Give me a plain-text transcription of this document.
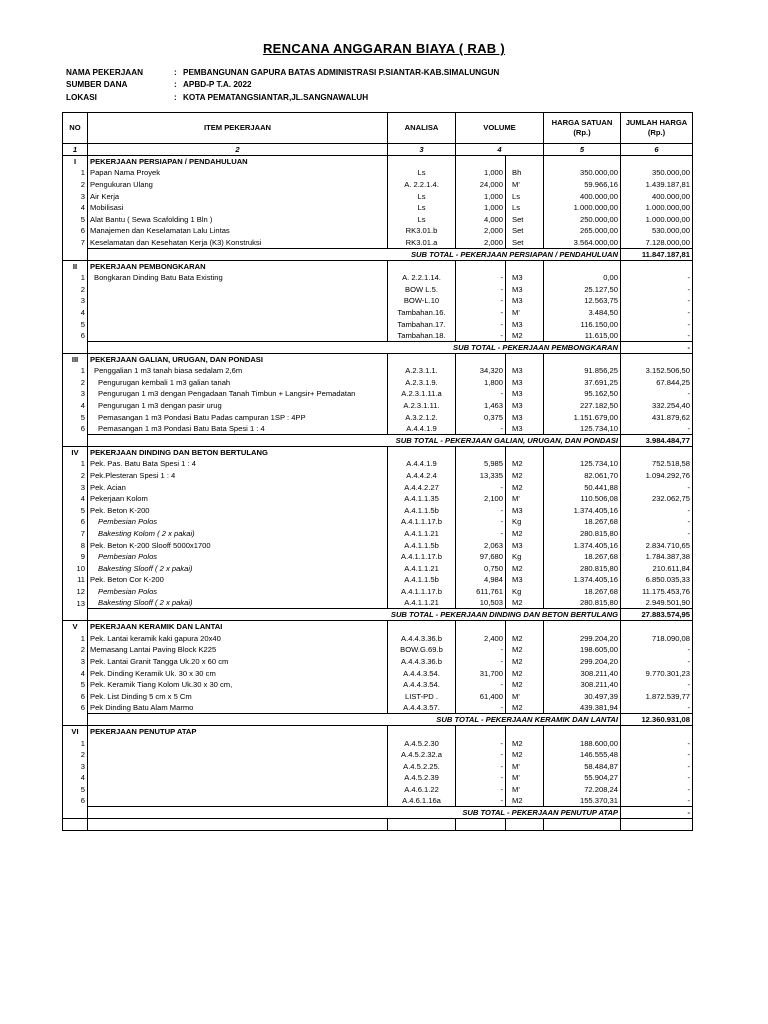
RENCANA ANGGARAN BIAYA ( RAB )
NAMA PEKERJAAN	: PEMBANGUNAN GAPURA BATAS ADMINISTRASI P.SIANTAR-KAB.SIMALUNGUN
SUMBER DANA	: APBD-P T.A. 2022
LOKASI	: KOTA PEMATANGSIANTAR,JL.SANGNAWALUH
NO	ITEM PEKERJAAN	ANALISA	VOLUME		HARGA SATUAN (Rp.)	JUMLAH HARGA (Rp.)
1	2	3	4		5	6
I	PEKERJAAN PERSIAPAN / PENDAHULUAN					
1	Papan Nama Proyek	Ls	1,000	Bh	350.000,00	350.000,00
2	Pengukuran Ulang	A. 2.2.1.4.	24,000	M'	59.966,16	1.439.187,81
3	Air Kerja	Ls	1,000	Ls	400.000,00	400.000,00
4	Mobilisasi	Ls	1,000	Ls	1.000.000,00	1.000.000,00
5	Alat Bantu ( Sewa Scafolding 1 Bln )	Ls	4,000	Set	250.000,00	1.000.000,00
6	Manajemen dan Keselamatan Lalu Lintas	RK3.01.b	2,000	Set	265.000,00	530.000,00
7	Keselamatan dan Kesehatan Kerja (K3) Konstruksi	RK3.01.a	2,000	Set	3.564.000,00	7.128.000,00
	SUB TOTAL - PEKERJAAN PERSIAPAN / PENDAHULUAN					11.847.187,81
II	PEKERJAAN PEMBONGKARAN					
1	Bongkaran Dinding Batu Bata Existing	A. 2.2.1.14.	-	M3	0,00	-
2		BOW L.5.	-	M3	25.127,50	-
3		BOW-L.10	-	M3	12.563,75	-
4		Tambahan.16.	-	M'	3.484,50	-
5		Tambahan.17.	-	M3	116.150,00	-
6		Tambahan.18.	-	M2	11.615,00	-
	SUB TOTAL - PEKERJAAN PEMBONGKARAN					-
III	PEKERJAAN GALIAN, URUGAN, DAN PONDASI					
1	Penggalian 1 m3 tanah biasa sedalam 2,6m	A.2.3.1.1.	34,320	M3	91.856,25	3.152.506,50
2	Pengurugan kembali 1 m3 galian tanah	A.2.3.1.9.	1,800	M3	37.691,25	67.844,25
3	Pengurugan 1 m3 dengan Pengadaan Tanah Timbun + Langsir+ Pemadatan	A.2.3.1.11.a	-	M3	95.162,50	-
4	Pengurugan 1 m3 dengan pasir urug	A.2.3.1.11.	1,463	M3	227.182,50	332.254,40
5	Pemasangan 1 m3 Pondasi Batu Padas campuran 1SP : 4PP	A.3.2.1.2.	0,375	M3	1.151.679,00	431.879,62
6	Pemasangan 1 m3 Pondasi Batu Bata Spesi 1 : 4	A.4.4.1.9	-	M3	125.734,10	-
	SUB TOTAL - PEKERJAAN GALIAN, URUGAN, DAN PONDASI					3.984.484,77
IV	PEKERJAAN DINDING DAN BETON BERTULANG					
1	Pek. Pas. Batu Bata Spesi 1 : 4	A.4.4.1.9	5,985	M2	125.734,10	752.518,58
2	Pek.Plesteran Spesi 1 : 4	A.4.4.2.4	13,335	M2	82.061,70	1.094.292,76
3	Pek. Acian	A.4.4.2.27	-	M2	50.441,88	-
4	Pekerjaan Kolom	A.4.1.1.35	2,100	M'	110.506,08	232.062,75
5	Pek. Beton K-200	A.4.1.1.5b	-	M3	1.374.405,16	-
6	Pembesian Polos	A.4.1.1.17.b	-	Kg	18.267,68	-
7	Bakesting Kolom ( 2 x pakai)	A.4.1.1.21	-	M2	280.815,80	-
8	Pek. Beton K-200 Slooff 5000x1700	A.4.1.1.5b	2,063	M3	1.374.405,16	2.834.710,65
9	Pembesian Polos	A.4.1.1.17.b	97,680	Kg	18.267,68	1.784.387,38
10	Bakesting Slooff ( 2 x pakai)	A.4.1.1.21	0,750	M2	280.815,80	210.611,84
11	Pek. Beton Cor K-200	A.4.1.1.5b	4,984	M3	1.374.405,16	6.850.035,33
12	Pembesian Polos	A.4.1.1.17.b	611,761	Kg	18.267,68	11.175.453,76
13	Bakesting Slooff ( 2 x pakai)	A.4.1.1.21	10,503	M2	280.815,80	2.949.501,90
	SUB TOTAL - PEKERJAAN DINDING DAN BETON BERTULANG					27.883.574,95
V	PEKERJAAN KERAMIK DAN LANTAI					
1	Pek. Lantai keramik kaki gapura 20x40	A.4.4.3.36.b	2,400	M2	299.204,20	718.090,08
2	Memasang Lantai Paving Block K225	BOW.G.69.b	-	M2	198.605,00	-
3	Pek. Lantai Granit Tangga Uk.20 x 60 cm	A.4.4.3.36.b	-	M2	299.204,20	-
4	Pek. Dinding Keramik Uk. 30 x 30 cm	A.4.4.3.54.	31,700	M2	308.211,40	9.770.301,23
5	Pek. Keramik Tiang Kolom Uk.30 x 30 cm,	A.4.4.3.54.	-	M2	308.211,40	-
6	Pek. List Dinding 5 cm x 5 Cm	LIST-PD .	61,400	M'	30.497,39	1.872.539,77
6	Pek Dinding Batu Alam Marmo	A.4.4.3.57.	-	M2	439.381,94	-
	SUB TOTAL - PEKERJAAN KERAMIK DAN LANTAI					12.360.931,08
VI	PEKERJAAN PENUTUP ATAP					
1		A.4.5.2.30	-	M2	188.600,00	-
2		A.4.5.2.32.a	-	M2	146.555,48	-
3		A.4.5.2.25.	-	M'	58.484,87	-
4		A.4.5.2.39	-	M'	55.904,27	-
5		A.4.6.1.22	-	M'	72.208,24	-
6		A.4.6.1.16a	-	M2	155.370,31	-
	SUB TOTAL - PEKERJAAN PENUTUP ATAP					-
